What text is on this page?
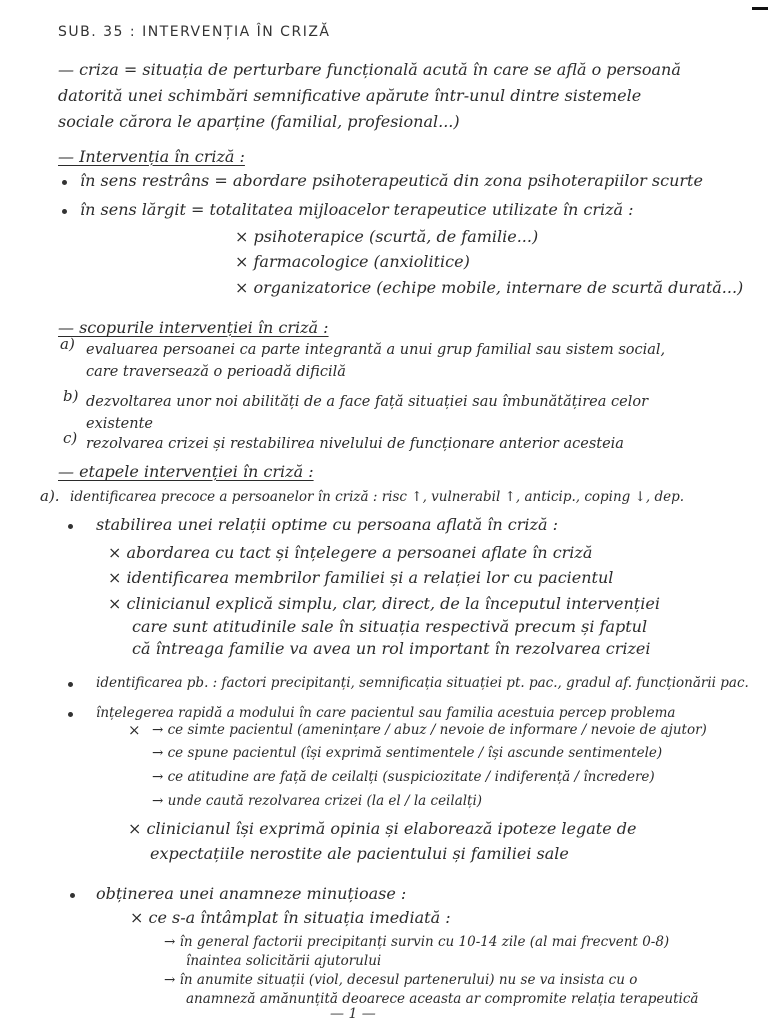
SUB. 35 : INTERVENȚIA ÎN CRIZĂ
— criza = situația de perturbare funcțională acută în care se află o persoană
datorită unei schimbări semnificative apărute într-unul dintre sistemele
sociale cărora le aparține (familial, profesional...)
— Intervenția în criză :
în sens restrâns = abordare psihoterapeutică din zona psihoterapiilor scurte
în sens lărgit = totalitatea mijloacelor terapeutice utilizate în criză :
× psihoterapice (scurtă, de familie...)
× farmacologice (anxiolitice)
× organizatorice (echipe mobile, internare de scurtă durată...)
— scopurile intervenției în criză :
a) evaluarea persoanei ca parte integrantă a unui grup familial sau sistem social,
care traversează o perioadă dificilă
b) dezvoltarea unor noi abilități de a face față situației sau îmbunătățirea celor
existente
c) rezolvarea crizei și restabilirea nivelului de funcționare anterior acesteia
— etapele intervenției în criză :
a). identificarea precoce a persoanelor în criză : risc ↑, vulnerabil ↑, anticip., coping ↓, dep.
stabilirea unei relații optime cu persoana aflată în criză :
× abordarea cu tact și înțelegere a persoanei aflate în criză
× identificarea membrilor familiei și a relației lor cu pacientul
× clinicianul explică simplu, clar, direct, de la începutul intervenției
care sunt atitudinile sale în situația respectivă precum și faptul
că întreaga familie va avea un rol important în rezolvarea crizei
identificarea pb. : factori precipitanți, semnificația situației pt. pac., gradul af. funcționării pac.
înțelegerea rapidă a modului în care pacientul sau familia acestuia percep problema
× → ce simte pacientul (amenințare / abuz / nevoie de informare / nevoie de ajutor)
→ ce spune pacientul (își exprimă sentimentele / își ascunde sentimentele)
→ ce atitudine are față de ceilalți (suspiciozitate / indiferență / încredere)
→ unde caută rezolvarea crizei (la el / la ceilalți)
× clinicianul își exprimă opinia și elaborează ipoteze legate de
expectațiile nerostite ale pacientului și familiei sale
obținerea unei anamneze minuțioase :
× ce s-a întâmplat în situația imediată :
→ în general factorii precipitanți survin cu 10-14 zile (al mai frecvent 0-8)
înaintea solicitării ajutorului
→ în anumite situații (viol, decesul partenerului) nu se va insista cu o
anamneză amănunțită deoarece aceasta ar compromite relația terapeutică
— 1 —
